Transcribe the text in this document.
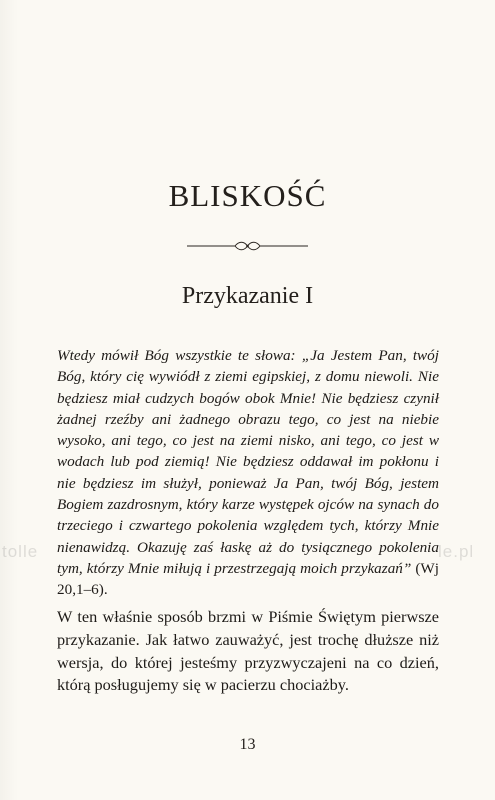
BLISKOŚĆ
Przykazanie I
Wtedy mówił Bóg wszystkie te słowa: „Ja Jestem Pan, twój Bóg, który cię wywiódł z ziemi egipskiej, z domu niewoli. Nie będziesz miał cudzych bogów obok Mnie! Nie będziesz czynił żadnej rzeźby ani żadnego obrazu tego, co jest na niebie wysoko, ani tego, co jest na ziemi nisko, ani tego, co jest w wodach lub pod ziemią! Nie będziesz oddawał im pokłonu i nie będziesz im służył, ponieważ Ja Pan, twój Bóg, jestem Bogiem zazdrosnym, który karze występek ojców na synach do trzeciego i czwartego pokolenia względem tych, którzy Mnie nienawidzą. Okazuję zaś łaskę aż do tysiącznego pokolenia tym, którzy Mnie miłują i przestrzegają moich przykazań” (Wj 20,1–6).

W ten właśnie sposób brzmi w Piśmie Świętym pierwsze przykazanie. Jak łatwo zauważyć, jest trochę dłuższe niż wersja, do której jesteśmy przyzwyczajeni na co dzień, którą posługujemy się w pacierzu chociażby.

13
tolle	le.pl
